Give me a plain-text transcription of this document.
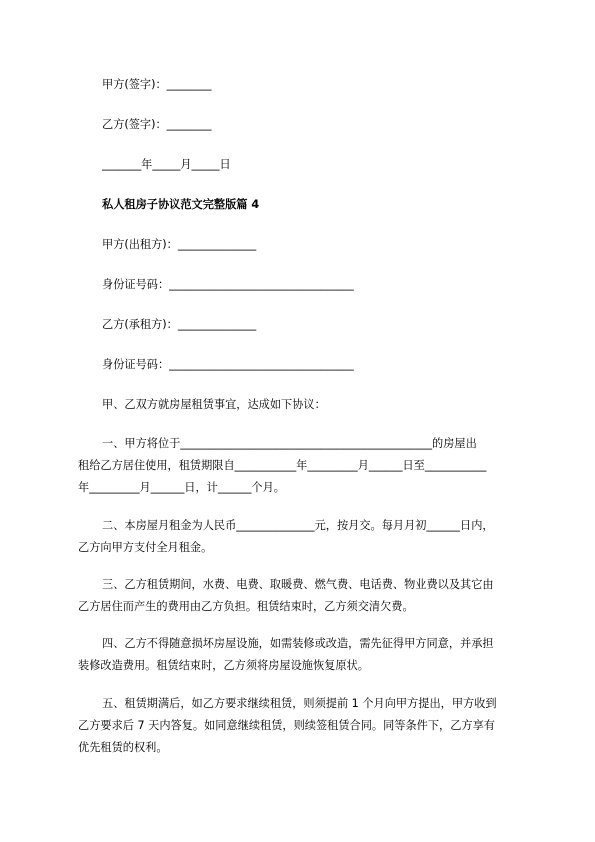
甲方(签字)：________
乙方(签字)：________
_______年_____月_____日
私人租房子协议范文完整版篇 4
甲方(出租方)：______________
身份证号码：_________________________________
乙方(承租方)：______________
身份证号码：_________________________________
甲、乙双方就房屋租赁事宜，达成如下协议：
一、甲方将位于_____________________________________________的房屋出
租给乙方居住使用，租赁期限自___________年_________月______日至___________
年_________月______日，计______个月。
二、本房屋月租金为人民币______________元，按月交。每月月初______日内，
乙方向甲方支付全月租金。
三、乙方租赁期间，水费、电费、取暖费、燃气费、电话费、物业费以及其它由
乙方居住而产生的费用由乙方负担。租赁结束时，乙方须交清欠费。
四、乙方不得随意损坏房屋设施，如需装修或改造，需先征得甲方同意，并承担
装修改造费用。租赁结束时，乙方须将房屋设施恢复原状。
五、租赁期满后，如乙方要求继续租赁，则须提前 1 个月向甲方提出，甲方收到
乙方要求后 7 天内答复。如同意继续租赁，则续签租赁合同。同等条件下，乙方享有
优先租赁的权利。
